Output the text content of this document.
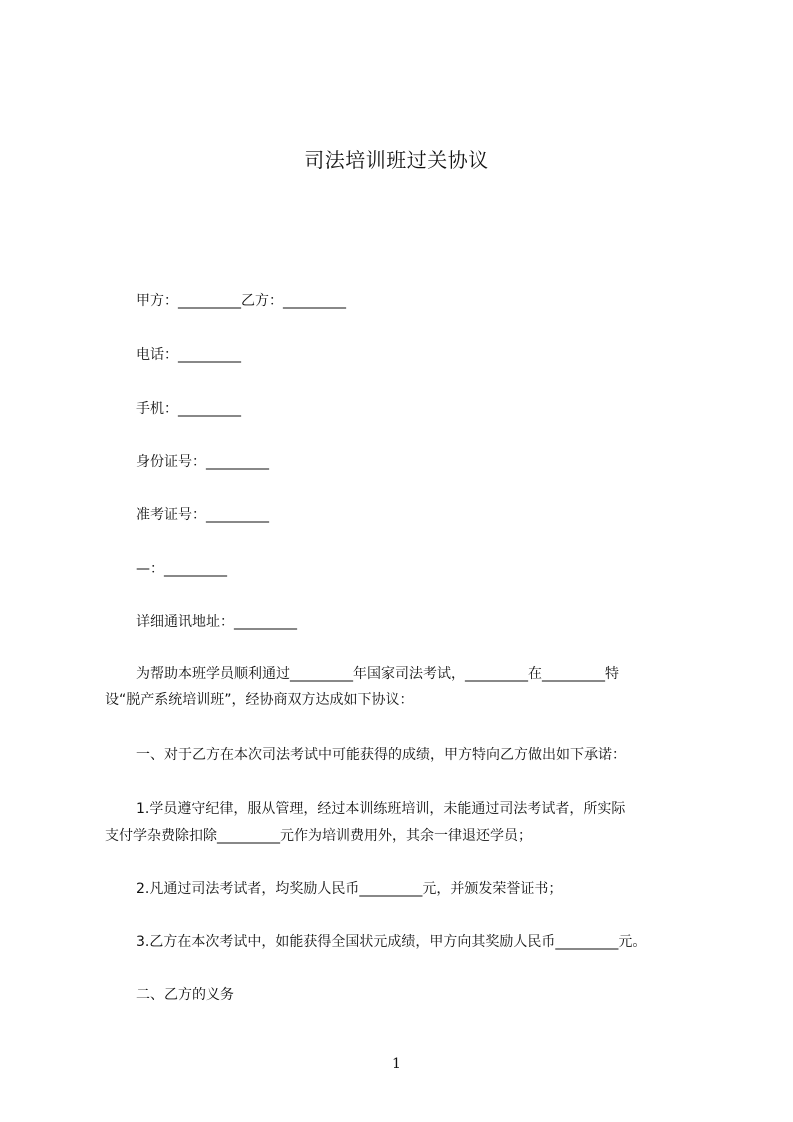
司法培训班过关协议
甲方：_________乙方：_________
电话：_________
手机：_________
身份证号：_________
准考证号：_________
—：_________
详细通讯地址：_________
为帮助本班学员顺利通过_________年国家司法考试，_________在_________特
设“脱产系统培训班”，经协商双方达成如下协议：
一、对于乙方在本次司法考试中可能获得的成绩，甲方特向乙方做出如下承诺：
1.学员遵守纪律，服从管理，经过本训练班培训，未能通过司法考试者，所实际
支付学杂费除扣除_________元作为培训费用外，其余一律退还学员；
2.凡通过司法考试者，均奖励人民币_________元，并颁发荣誉证书；
3.乙方在本次考试中，如能获得全国状元成绩，甲方向其奖励人民币_________元。
二、乙方的义务
1
